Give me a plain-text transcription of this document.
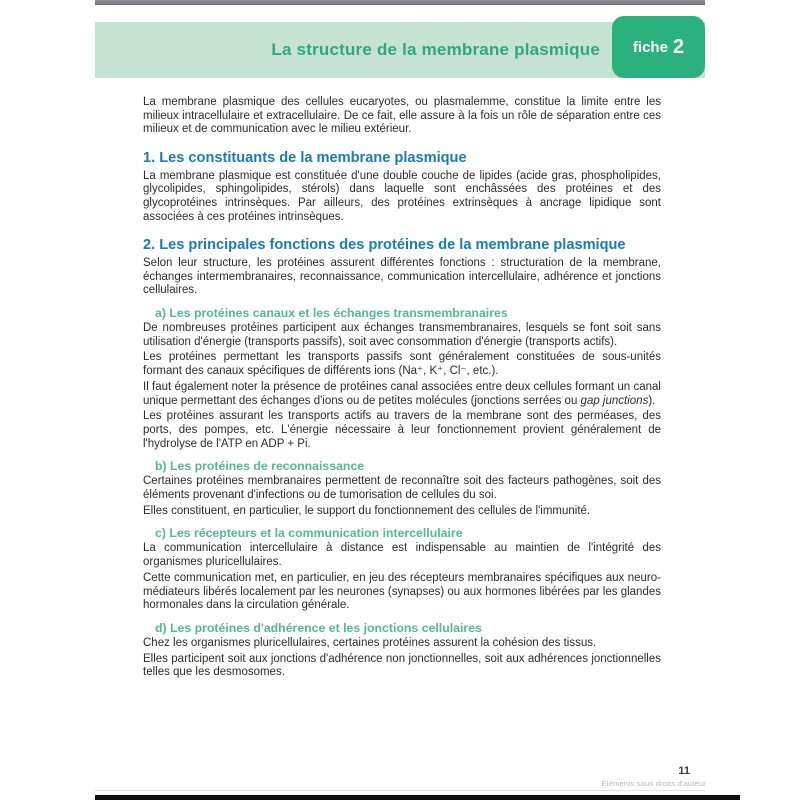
La structure de la membrane plasmique fiche 2

La membrane plasmique des cellules eucaryotes, ou plasmalemme, constitue la limite entre les milieux intracellulaire et extracellulaire. De ce fait, elle assure à la fois un rôle de séparation entre ces milieux et de communication avec le milieu extérieur.

1. Les constituants de la membrane plasmique

La membrane plasmique est constituée d'une double couche de lipides (acide gras, phospholipides, glycolipides, sphingolipides, stérols) dans laquelle sont enchâssées des protéines et des glycoprotéines intrinsèques. Par ailleurs, des protéines extrinsèques à ancrage lipidique sont associées à ces protéines intrinsèques.

2. Les principales fonctions des protéines de la membrane plasmique

Selon leur structure, les protéines assurent différentes fonctions : structuration de la membrane, échanges intermembranaires, reconnaissance, communication intercellulaire, adhérence et jonctions cellulaires.

a) Les protéines canaux et les échanges transmembranaires

De nombreuses protéines participent aux échanges transmembranaires, lesquels se font soit sans utilisation d'énergie (transports passifs), soit avec consommation d'énergie (transports actifs).

Les protéines permettant les transports passifs sont généralement constituées de sous-unités formant des canaux spécifiques de différents ions (Na⁺, K⁺, Cl⁻, etc.).

Il faut également noter la présence de protéines canal associées entre deux cellules formant un canal unique permettant des échanges d'ions ou de petites molécules (jonctions serrées ou gap junctions).

Les protéines assurant les transports actifs au travers de la membrane sont des perméases, des ports, des pompes, etc. L'énergie nécessaire à leur fonctionnement provient généralement de l'hydrolyse de l'ATP en ADP + Pi.

b) Les protéines de reconnaissance

Certaines protéines membranaires permettent de reconnaître soit des facteurs pathogènes, soit des éléments provenant d'infections ou de tumorisation de cellules du soi.

Elles constituent, en particulier, le support du fonctionnement des cellules de l'immunité.

c) Les récepteurs et la communication intercellulaire

La communication intercellulaire à distance est indispensable au maintien de l'intégrité des organismes pluricellulaires.

Cette communication met, en particulier, en jeu des récepteurs membranaires spécifiques aux neuro-médiateurs libérés localement par les neurones (synapses) ou aux hormones libérées par les glandes hormonales dans la circulation générale.

d) Les protéines d'adhérence et les jonctions cellulaires

Chez les organismes pluricellulaires, certaines protéines assurent la cohésion des tissus.

Elles participent soit aux jonctions d'adhérence non jonctionnelles, soit aux adhérences jonctionnelles telles que les desmosomes.

11
Éléments sous droits d'auteur
